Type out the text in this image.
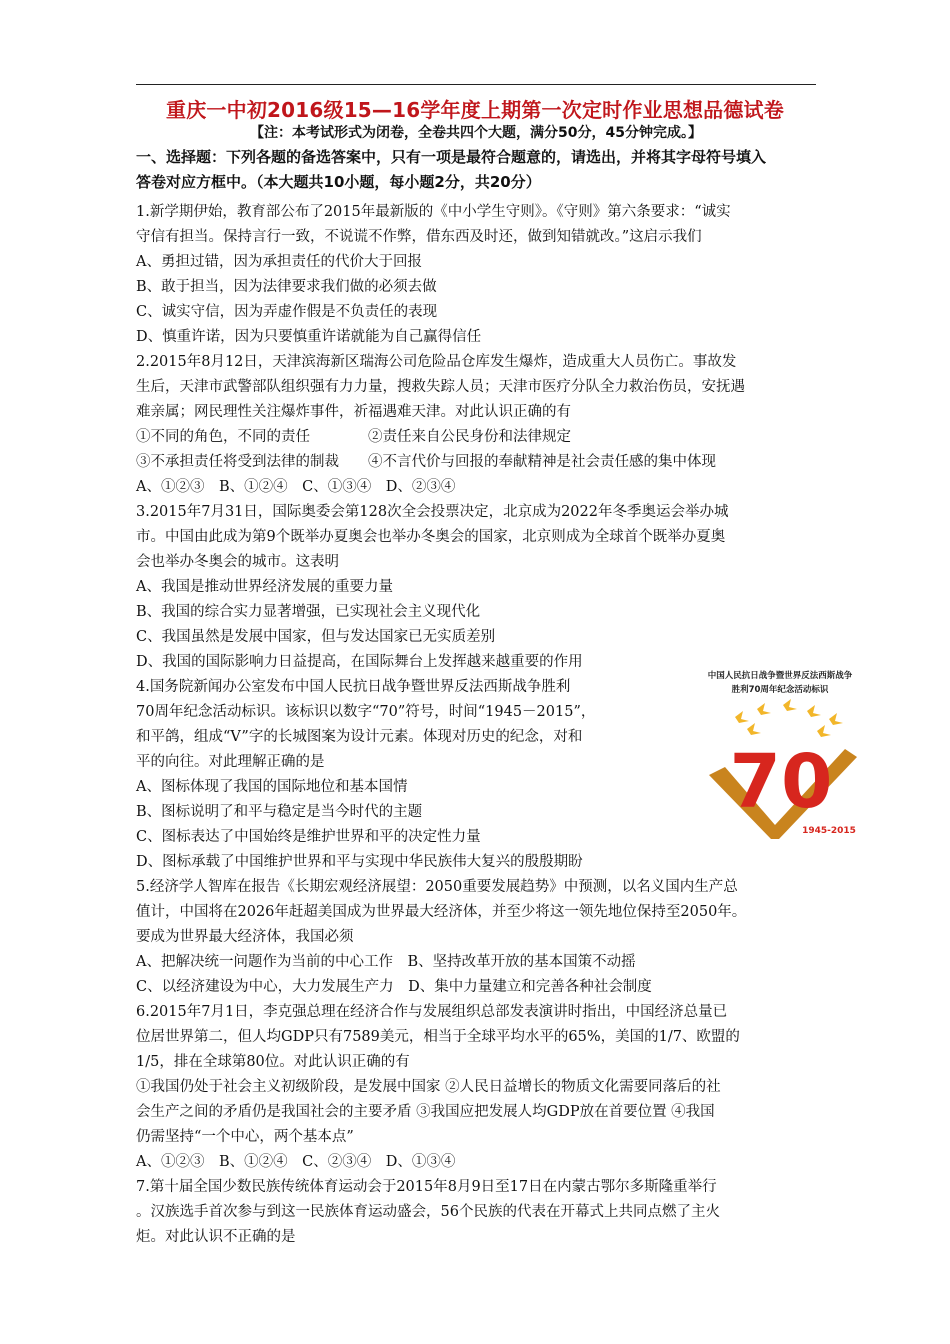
重庆一中初2016级15—16学年度上期第一次定时作业思想品德试卷
【注：本考试形式为闭卷，全卷共四个大题，满分50分，45分钟完成。】
一、选择题：下列各题的备选答案中，只有一项是最符合题意的，请选出，并将其字母符号填入
答卷对应方框中。（本大题共10小题，每小题2分，共20分）
1.新学期伊始，教育部公布了2015年最新版的《中小学生守则》。《守则》第六条要求：“诚实
守信有担当。保持言行一致，不说谎不作弊，借东西及时还，做到知错就改。”这启示我们
A、勇担过错，因为承担责任的代价大于回报
B、敢于担当，因为法律要求我们做的必须去做
C、诚实守信，因为弄虚作假是不负责任的表现
D、慎重许诺，因为只要慎重许诺就能为自己赢得信任
2.2015年8月12日，天津滨海新区瑞海公司危险品仓库发生爆炸，造成重大人员伤亡。事故发
生后，天津市武警部队组织强有力力量，搜救失踪人员；天津市医疗分队全力救治伤员，安抚遇
难亲属；网民理性关注爆炸事件，祈福遇难天津。对此认识正确的有
①不同的角色，不同的责任　　　　②责任来自公民身份和法律规定
③不承担责任将受到法律的制裁　　④不言代价与回报的奉献精神是社会责任感的集中体现
A、①②③　B、①②④　C、①③④　D、②③④
3.2015年7月31日，国际奥委会第128次全会投票决定，北京成为2022年冬季奥运会举办城
市。中国由此成为第9个既举办夏奥会也举办冬奥会的国家，北京则成为全球首个既举办夏奥
会也举办冬奥会的城市。这表明
A、我国是推动世界经济发展的重要力量
B、我国的综合实力显著增强，已实现社会主义现代化
C、我国虽然是发展中国家，但与发达国家已无实质差别
D、我国的国际影响力日益提高，在国际舞台上发挥越来越重要的作用
4.国务院新闻办公室发布中国人民抗日战争暨世界反法西斯战争胜利
70周年纪念活动标识。该标识以数字“70”符号，时间“1945－2015”，
和平鸽，组成“V”字的长城图案为设计元素。体现对历史的纪念，对和
平的向往。对此理解正确的是
A、图标体现了我国的国际地位和基本国情
B、图标说明了和平与稳定是当今时代的主题
C、图标表达了中国始终是维护世界和平的决定性力量
D、图标承载了中国维护世界和平与实现中华民族伟大复兴的殷殷期盼
5.经济学人智库在报告《长期宏观经济展望：2050重要发展趋势》中预测，以名义国内生产总
值计，中国将在2026年赶超美国成为世界最大经济体，并至少将这一领先地位保持至2050年。
要成为世界最大经济体，我国必须
A、把解决统一问题作为当前的中心工作　B、坚持改革开放的基本国策不动摇
C、以经济建设为中心，大力发展生产力　D、集中力量建立和完善各种社会制度
6.2015年7月1日，李克强总理在经济合作与发展组织总部发表演讲时指出，中国经济总量已
位居世界第二，但人均GDP只有7589美元，相当于全球平均水平的65%，美国的1/7、欧盟的
1/5，排在全球第80位。对此认识正确的有
①我国仍处于社会主义初级阶段，是发展中国家 ②人民日益增长的物质文化需要同落后的社
会生产之间的矛盾仍是我国社会的主要矛盾 ③我国应把发展人均GDP放在首要位置 ④我国
仍需坚持“一个中心，两个基本点”
A、①②③　B、①②④　C、②③④　D、①③④
7.第十届全国少数民族传统体育运动会于2015年8月9日至17日在内蒙古鄂尔多斯隆重举行
。汉族选手首次参与到这一民族体育运动盛会，56个民族的代表在开幕式上共同点燃了主火
炬。对此认识不正确的是
中国人民抗日战争暨世界反法西斯战争
胜利70周年纪念活动标识
70
1945-2015
